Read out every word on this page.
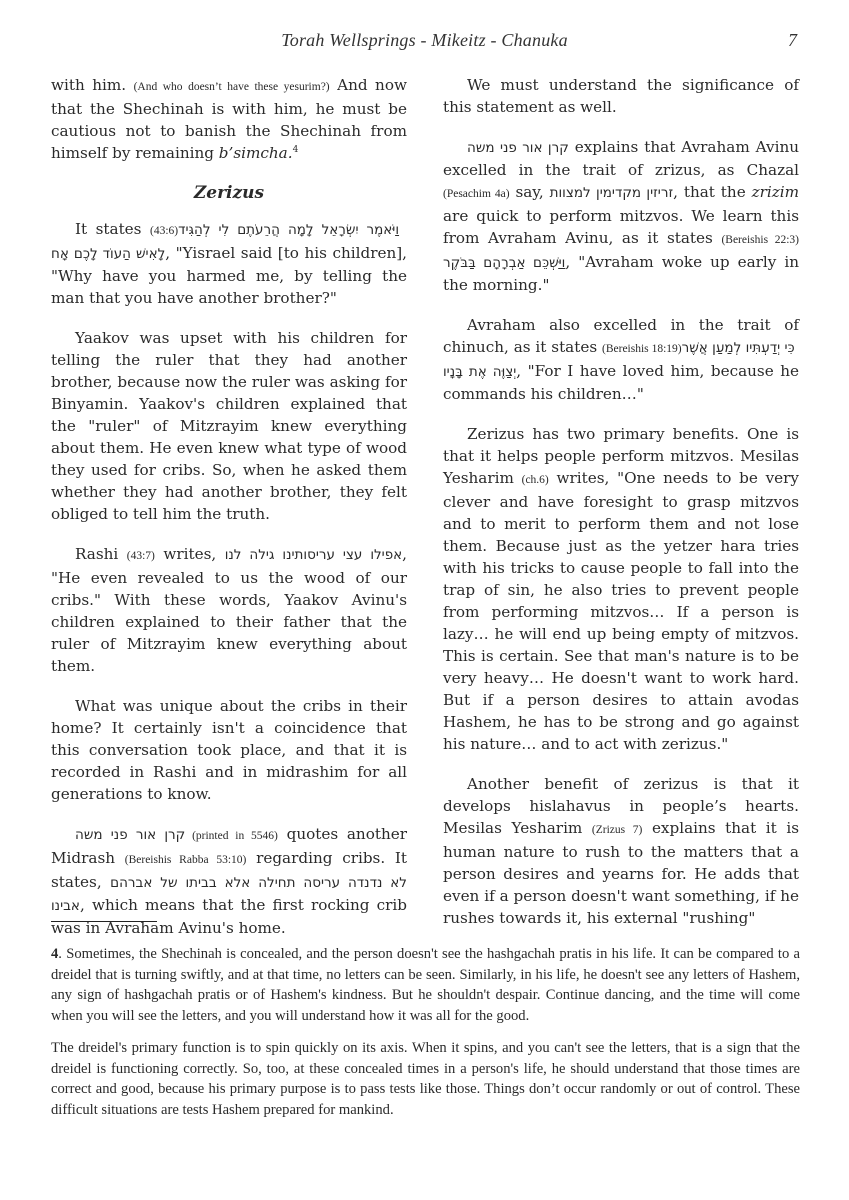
Torah Wellsprings - Mikeitz - Chanuka	7

with him. (And who doesn’t have these yesurim?) And now that the Shechinah is with him, he must be cautious not to banish the Shechinah from himself by remaining b’simcha.$^4$

Zerizus

It states (43:6) וַיֹּאמֶר יִשְׂרָאֵל לָמָה הֲרֵעֹתֶם לִי לְהַגִּיד לָאִישׁ הַעוֹד לָכֶם אָח, "Yisrael said [to his children], "Why have you harmed me, by telling the man that you have another brother?"

Yaakov was upset with his children for telling the ruler that they had another brother, because now the ruler was asking for Binyamin. Yaakov's children explained that the "ruler" of Mitzrayim knew everything about them. He even knew what type of wood they used for cribs. So, when he asked them whether they had another brother, they felt obliged to tell him the truth.

Rashi (43:7) writes, אפילו עצי עריסותינו גילה לנו, "He even revealed to us the wood of our cribs." With these words, Yaakov Avinu's children explained to their father that the ruler of Mitzrayim knew everything about them.

What was unique about the cribs in their home? It certainly isn't a coincidence that this conversation took place, and that it is recorded in Rashi and in midrashim for all generations to know.

קרן אור פני משה (printed in 5546) quotes another Midrash (Bereishis Rabba 53:10) regarding cribs. It states, לא נדנדה עריסה תחילה אלא בביתו של אברהם אבינו, which means that the first rocking crib was in Avraham Avinu's home.

We must understand the significance of this statement as well.

קרן אור פני משה explains that Avraham Avinu excelled in the trait of zrizus, as Chazal (Pesachim 4a) say, זריזין מקדימין למצוות, that the zrizim are quick to perform mitzvos. We learn this from Avraham Avinu, as it states (Bereishis 22:3) וַיַּשְׁכֵּם אַבְרָהָם בַּבֹּקֶר, "Avraham woke up early in the morning."

Avraham also excelled in the trait of chinuch, as it states (Bereishis 18:19) כִּי יְדַעְתִּיו לְמַעַן אֲשֶׁר יְצַוֶּה אֶת בָּנָיו, "For I have loved him, because he commands his children…"

Zerizus has two primary benefits. One is that it helps people perform mitzvos. Mesilas Yesharim (ch.6) writes, "One needs to be very clever and have foresight to grasp mitzvos and to merit to perform them and not lose them. Because just as the yetzer hara tries with his tricks to cause people to fall into the trap of sin, he also tries to prevent people from performing mitzvos… If a person is lazy… he will end up being empty of mitzvos. This is certain. See that man's nature is to be very heavy… He doesn't want to work hard. But if a person desires to attain avodas Hashem, he has to be strong and go against his nature… and to act with zerizus."

Another benefit of zerizus is that it develops hislahavus in people’s hearts. Mesilas Yesharim (Zrizus 7) explains that it is human nature to rush to the matters that a person desires and yearns for. He adds that even if a person doesn't want something, if he rushes towards it, his external "rushing"

4. Sometimes, the Shechinah is concealed, and the person doesn't see the hashgachah pratis in his life. It can be compared to a dreidel that is turning swiftly, and at that time, no letters can be seen. Similarly, in his life, he doesn't see any letters of Hashem, any sign of hashgachah pratis or of Hashem's kindness. But he shouldn't despair. Continue dancing, and the time will come when you will see the letters, and you will understand how it was all for the good.

The dreidel's primary function is to spin quickly on its axis. When it spins, and you can't see the letters, that is a sign that the dreidel is functioning correctly. So, too, at these concealed times in a person's life, he should understand that those times are correct and good, because his primary purpose is to pass tests like those. Things don’t occur randomly or out of control. These difficult situations are tests Hashem prepared for mankind.
